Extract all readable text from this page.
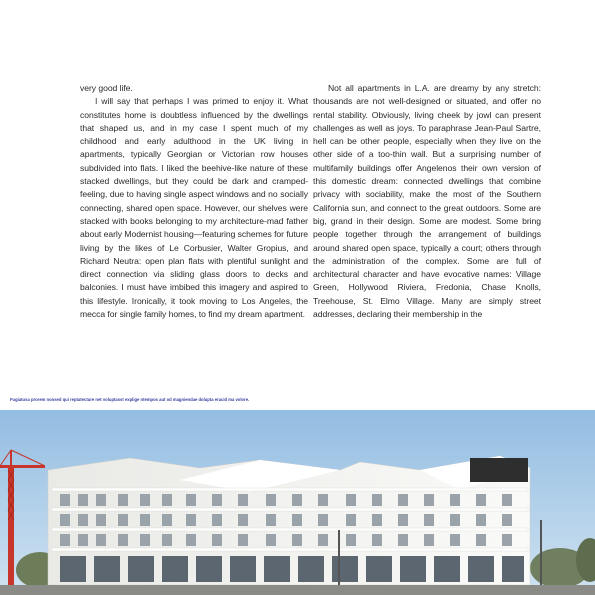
very good life.

I will say that perhaps I was primed to enjoy it. What constitutes home is doubtless influenced by the dwellings that shaped us, and in my case I spent much of my childhood and early adulthood in the UK living in apartments, typically Georgian or Victorian row houses subdivided into flats. I liked the beehive-like nature of these stacked dwellings, but they could be dark and cramped-feeling, due to having single aspect windows and no socially connecting, shared open space. However, our shelves were stacked with books belonging to my architecture-mad father about early Modernist housing—featuring schemes for future living by the likes of Le Corbusier, Walter Gropius, and Richard Neutra: open plan flats with plentiful sunlight and direct connection via sliding glass doors to decks and balconies. I must have imbibed this imagery and aspired to this lifestyle. Ironically, it took moving to Los Angeles, the mecca for single family homes, to find my dream apartment.

Not all apartments in L.A. are dreamy by any stretch: thousands are not well-designed or situated, and offer no rental stability. Obviously, living cheek by jowl can present challenges as well as joys. To paraphrase Jean-Paul Sartre, hell can be other people, especially when they live on the other side of a too-thin wall. But a surprising number of multifamily buildings offer Angelenos their own version of this domestic dream: connected dwellings that combine privacy with sociability, make the most of the Southern California sun, and connect to the great outdoors. Some are big, grand in their design. Some are modest. Some bring people together through the arrangement of buildings around shared open space, typically a court; others through the administration of the complex. Some are full of architectural character and have evocative names: Village Green, Hollywood Riviera, Fredonia, Chase Knolls, Treehouse, St. Elmo Village. Many are simply street addresses, declaring their membership in the

Fugiatusa prorem nonsed qui reptatecture net voluptasst explige ntempos aut od magniendae dolupta eracid ma volore.
